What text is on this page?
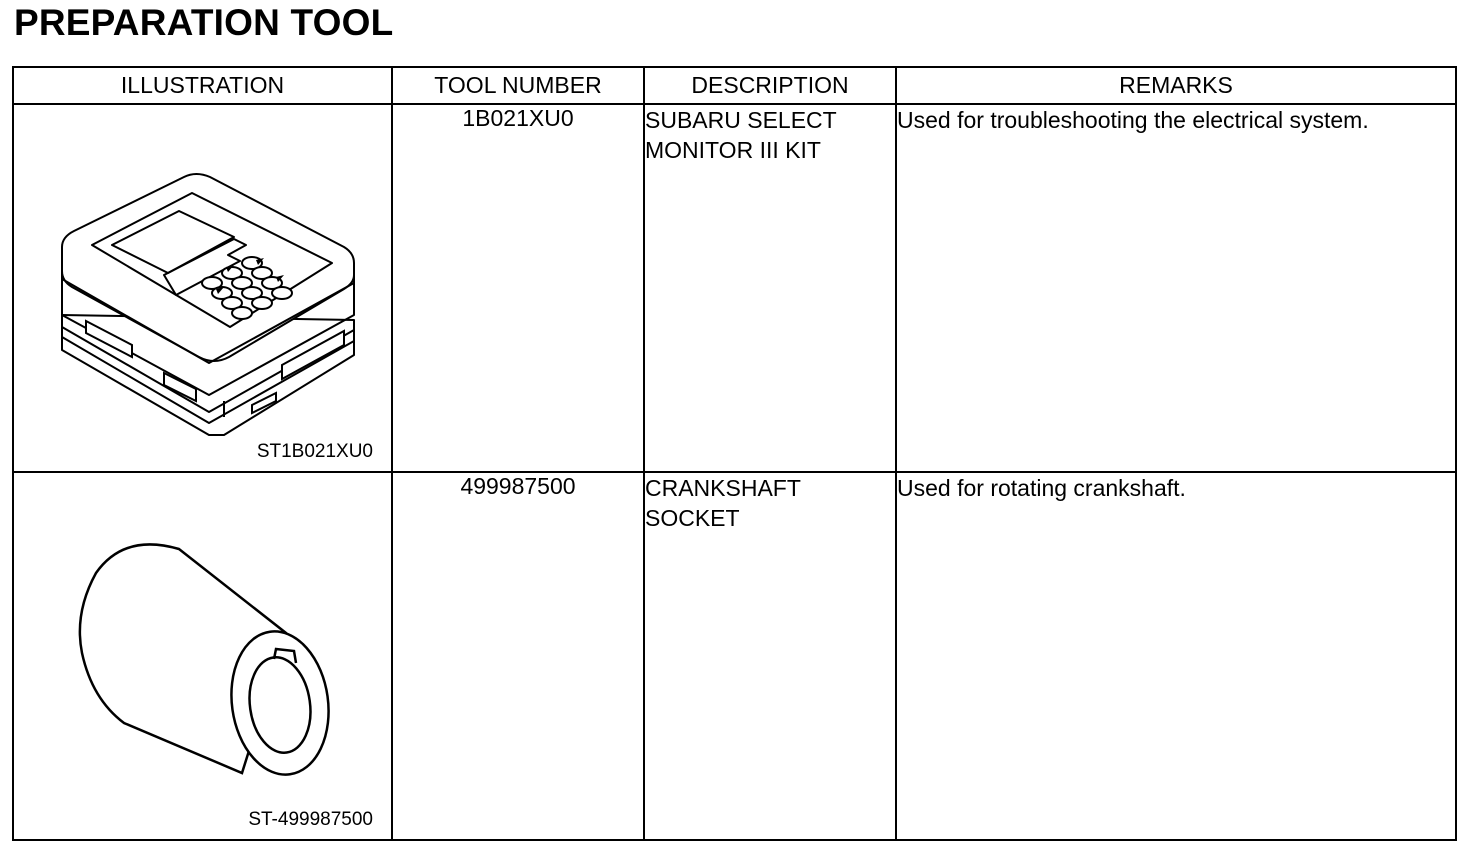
PREPARATION TOOL
ILLUSTRATION	TOOL NUMBER	DESCRIPTION	REMARKS

ST1B021XU0	1B021XU0	SUBARU SELECT MONITOR III KIT	Used for troubleshooting the electrical system.

ST-499987500	499987500	CRANKSHAFT SOCKET	Used for rotating crankshaft.
